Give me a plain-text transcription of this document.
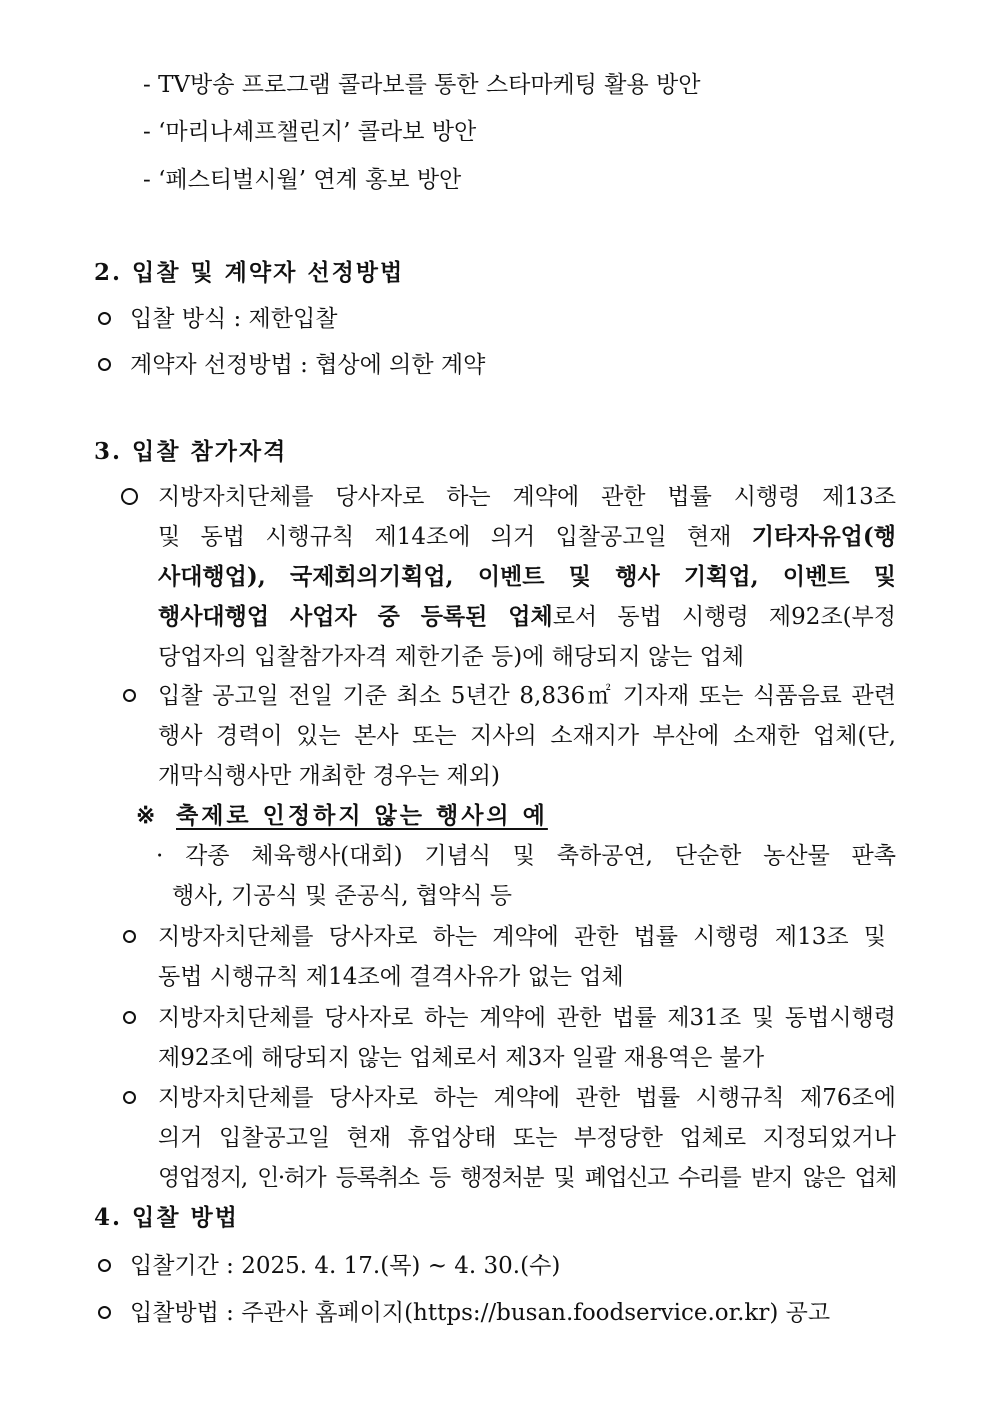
- TV방송 프로그램 콜라보를 통한 스타마케팅 활용 방안
- ‘마리나셰프챌린지’ 콜라보 방안
- ‘페스티벌시월’ 연계 홍보 방안
2. 입찰 및 계약자 선정방법
입찰 방식 : 제한입찰
계약자 선정방법 : 협상에 의한 계약
3. 입찰 참가자격
지방자치단체를 당사자로 하는 계약에 관한 법률 시행령 제13조
및 동법 시행규칙 제14조에 의거 입찰공고일 현재 기타자유업(행
사대행업), 국제회의기획업, 이벤트 및 행사 기획업, 이벤트 및
행사대행업 사업자 중 등록된 업체로서 동법 시행령 제92조(부정
당업자의 입찰참가자격 제한기준 등)에 해당되지 않는 업체
입찰 공고일 전일 기준 최소 5년간 8,836㎡ 기자재 또는 식품음료 관련
행사 경력이 있는 본사 또는 지사의 소재지가 부산에 소재한 업체(단,
개막식행사만 개최한 경우는 제외)
※ 축제로 인정하지 않는 행사의 예
· 각종 체육행사(대회) 기념식 및 축하공연, 단순한 농산물 판촉
행사, 기공식 및 준공식, 협약식 등
지방자치단체를 당사자로 하는 계약에 관한 법률 시행령 제13조 및
동법 시행규칙 제14조에 결격사유가 없는 업체
지방자치단체를 당사자로 하는 계약에 관한 법률 제31조 및 동법시행령
제92조에 해당되지 않는 업체로서 제3자 일괄 재용역은 불가
지방자치단체를 당사자로 하는 계약에 관한 법률 시행규칙 제76조에
의거 입찰공고일 현재 휴업상태 또는 부정당한 업체로 지정되었거나
영업정지, 인·허가 등록취소 등 행정처분 및 폐업신고 수리를 받지 않은 업체
4. 입찰 방법
입찰기간 : 2025. 4. 17.(목) ~ 4. 30.(수)
입찰방법 : 주관사 홈페이지(https://busan.foodservice.or.kr) 공고
